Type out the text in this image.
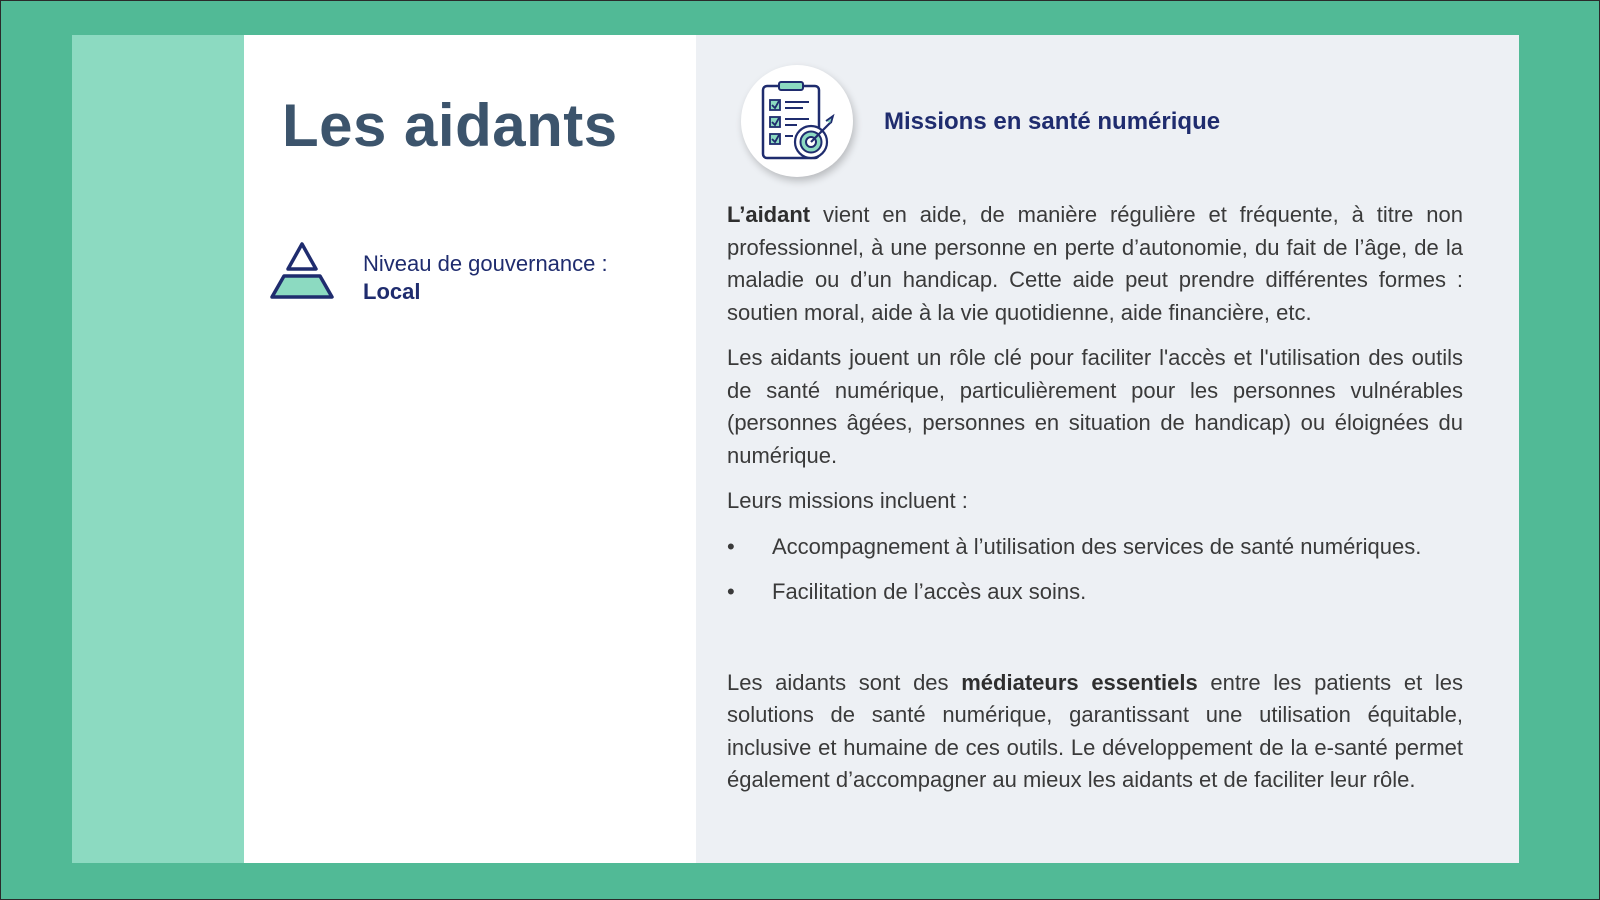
Les aidants
Niveau de gouvernance :
Local
Missions en santé numérique

L’aidant vient en aide, de manière régulière et fréquente, à titre non professionnel, à une personne en perte d’autonomie, du fait de l’âge, de la maladie ou d’un handicap. Cette aide peut prendre différentes formes : soutien moral, aide à la vie quotidienne, aide financière, etc.

Les aidants jouent un rôle clé pour faciliter l'accès et l'utilisation des outils de santé numérique, particulièrement pour les personnes vulnérables (personnes âgées, personnes en situation de handicap) ou éloignées du numérique.

Leurs missions incluent :

•	Accompagnement à l’utilisation des services de santé numériques.
•	Facilitation de l’accès aux soins.

Les aidants sont des médiateurs essentiels entre les patients et les solutions de santé numérique, garantissant une utilisation équitable, inclusive et humaine de ces outils. Le développement de la e-santé permet également d’accompagner au mieux les aidants et de faciliter leur rôle.
